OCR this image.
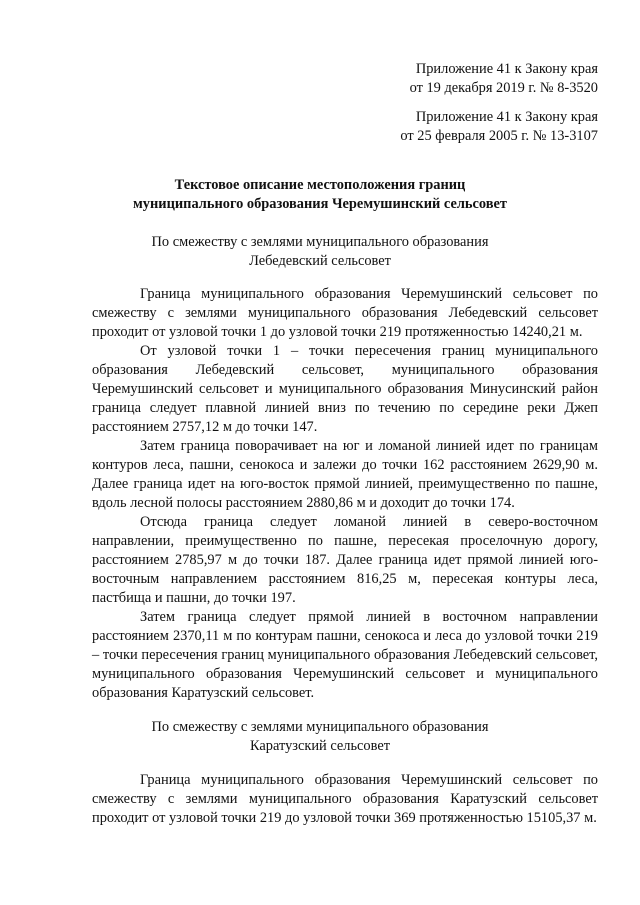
Приложение 41 к Закону края
от 19 декабря 2019 г. № 8-3520
Приложение 41 к Закону края
от 25 февраля 2005 г. № 13-3107
Текстовое описание местоположения границ
муниципального образования Черемушинский сельсовет
По смежеству с землями муниципального образования
Лебедевский сельсовет

Граница муниципального образования Черемушинский сельсовет по смежеству с землями муниципального образования Лебедевский сельсовет проходит от узловой точки 1 до узловой точки 219 протяженностью 14240,21 м.

От узловой точки 1 – точки пересечения границ муниципального образования Лебедевский сельсовет, муниципального образования Черемушинский сельсовет и муниципального образования Минусинский район граница следует плавной линией вниз по течению по середине реки Джеп расстоянием 2757,12 м до точки 147.

Затем граница поворачивает на юг и ломаной линией идет по границам контуров леса, пашни, сенокоса и залежи до точки 162 расстоянием 2629,90 м. Далее граница идет на юго-восток прямой линией, преимущественно по пашне, вдоль лесной полосы расстоянием 2880,86 м и доходит до точки 174.

Отсюда граница следует ломаной линией в северо-восточном направлении, преимущественно по пашне, пересекая проселочную дорогу, расстоянием 2785,97 м до точки 187. Далее граница идет прямой линией юго-восточным направлением расстоянием 816,25 м, пересекая контуры леса, пастбища и пашни, до точки 197.

Затем граница следует прямой линией в восточном направлении расстоянием 2370,11 м по контурам пашни, сенокоса и леса до узловой точки 219 – точки пересечения границ муниципального образования Лебедевский сельсовет, муниципального образования Черемушинский сельсовет и муниципального образования Каратузский сельсовет.

По смежеству с землями муниципального образования
Каратузский сельсовет

Граница муниципального образования Черемушинский сельсовет по смежеству с землями муниципального образования Каратузский сельсовет проходит от узловой точки 219 до узловой точки 369 протяженностью 15105,37 м.
